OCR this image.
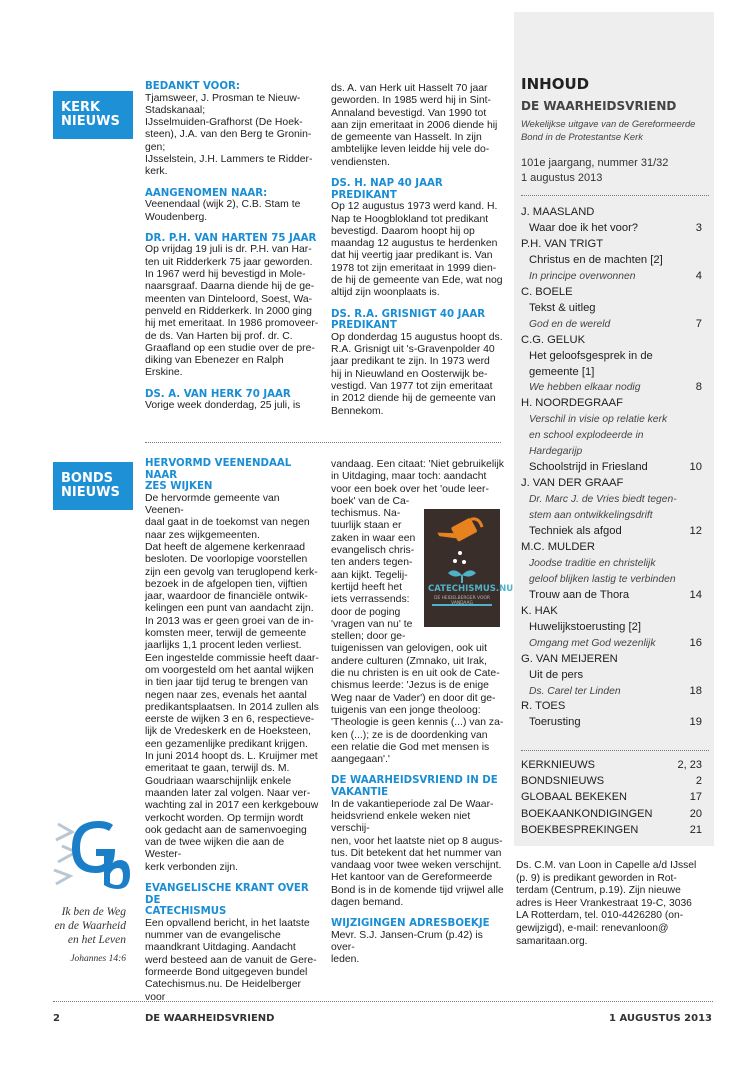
KERK
NIEUWS
BONDS
NIEUWS

BEDANKT VOOR:

Tjamsweer, J. Prosman te Nieuw-
Stadskanaal;
IJsselmuiden-Grafhorst (De Hoek-
steen), J.A. van den Berg te Gronin-
gen;
IJsselstein, J.H. Lammers te Ridder-
kerk.

AANGENOMEN NAAR:

Veenendaal (wijk 2), C.B. Stam te
Woudenberg.

DR. P.H. VAN HARTEN 75 JAAR

Op vrijdag 19 juli is dr. P.H. van Har-
ten uit Ridderkerk 75 jaar geworden.
In 1967 werd hij bevestigd in Mole-
naarsgraaf. Daarna diende hij de ge-
meenten van Dinteloord, Soest, Wa-
penveld en Ridderkerk. In 2000 ging
hij met emeritaat. In 1986 promoveer-
de ds. Van Harten bij prof. dr. C.
Graafland op een studie over de pre-
diking van Ebenezer en Ralph Erskine.

DS. A. VAN HERK 70 JAAR

Vorige week donderdag, 25 juli, is
ds. A. van Herk uit Hasselt 70 jaar
geworden. In 1985 werd hij in Sint-
Annaland bevestigd. Van 1990 tot
aan zijn emeritaat in 2006 diende hij
de gemeente van Hasselt. In zijn
ambtelijke leven leidde hij vele do-
vendiensten.

DS. H. NAP 40 JAAR PREDIKANT

Op 12 augustus 1973 werd kand. H.
Nap te Hoogblokland tot predikant
bevestigd. Daarom hoopt hij op
maandag 12 augustus te herdenken
dat hij veertig jaar predikant is. Van
1978 tot zijn emeritaat in 1999 dien-
de hij de gemeente van Ede, wat nog
altijd zijn woonplaats is.
DS. R.A. GRISNIGT 40 JAAR
PREDIKANT
Op donderdag 15 augustus hoopt ds.
R.A. Grisnigt uit 's-Gravenpolder 40
jaar predikant te zijn. In 1973 werd
hij in Nieuwland en Oosterwijk be-
vestigd. Van 1977 tot zijn emeritaat
in 2012 diende hij de gemeente van
Bennekom.
HERVORMD VEENENDAAL NAAR
ZES WIJKEN
De hervormde gemeente van Veenen-
daal gaat in de toekomst van negen
naar zes wijkgemeenten.
Dat heeft de algemene kerkenraad
besloten. De voorlopige voorstellen
zijn een gevolg van teruglopend kerk-
bezoek in de afgelopen tien, vijftien
jaar, waardoor de financiële ontwik-
kelingen een punt van aandacht zijn.
In 2013 was er geen groei van de in-
komsten meer, terwijl de gemeente
jaarlijks 1,1 procent leden verliest.
Een ingestelde commissie heeft daar-
om voorgesteld om het aantal wijken
in tien jaar tijd terug te brengen van
negen naar zes, evenals het aantal
predikantsplaatsen. In 2014 zullen als
eerste de wijken 3 en 6, respectieve-
lijk de Vredeskerk en de Hoeksteen,
een gezamenlijke predikant krijgen.
In juni 2014 hoopt ds. L. Kruijmer met
emeritaat te gaan, terwijl ds. M.
Goudriaan waarschijnlijk enkele
maanden later zal volgen. Naar ver-
wachting zal in 2017 een kerkgebouw
verkocht worden. Op termijn wordt
ook gedacht aan de samenvoeging
van de twee wijken die aan de Wester-
kerk verbonden zijn.
EVANGELISCHE KRANT OVER DE
CATECHISMUS
Een opvallend bericht, in het laatste
nummer van de evangelische
maandkrant Uitdaging. Aandacht
werd besteed aan de vanuit de Gere-
formeerde Bond uitgegeven bundel
Catechismus.nu. De Heidelberger voor
vandaag. Een citaat: 'Niet gebruikelijk
in Uitdaging, maar toch: aandacht
voor een boek over het 'oude leer-
boek' van de Ca-
techismus. Na-
tuurlijk staan er
zaken in waar een
evangelisch chris-
ten anders tegen-
aan kijkt. Tegelij-
kertijd heeft het
iets verrassends:
door de poging
'vragen van nu' te
stellen; door ge-
tuigenissen van gelovigen, ook uit
andere culturen (Zmnako, uit Irak,
die nu christen is en uit ook de Cate-
chismus leerde: 'Jezus is de enige
Weg naar de Vader') en door dit ge-
tuigenis van een jonge theoloog:
'Theologie is geen kennis (...) van za-
ken (...); ze is de doordenking van
een relatie die God met mensen is
aangegaan'.'
DE WAARHEIDSVRIEND IN DE
VAKANTIE
In de vakantieperiode zal De Waar-
heidsvriend enkele weken niet verschij-
nen, voor het laatste niet op 8 augus-
tus. Dit betekent dat het nummer van
vandaag voor twee weken verschijnt.
Het kantoor van de Gereformeerde
Bond is in de komende tijd vrijwel alle
dagen bemand.

WIJZIGINGEN ADRESBOEKJE

Mevr. S.J. Jansen-Crum (p.42) is over-
leden.
CATECHISMUS.NU
DE HEIDELBERGER VOOR VANDAAG
Ik ben de Weg
en de Waarheid
en het Leven
Johannes 14:6
INHOUD
DE WAARHEIDSVRIEND
Wekelijkse uitgave van de Gereformeerde
Bond in de Protestantse Kerk
101e jaargang, nummer 31/32
1 augustus 2013
J. MAASLAND
Waar doe ik het voor?	3
P.H. VAN TRIGT
Christus en de machten [2]
In principe overwonnen	4
C. BOELE
Tekst & uitleg
God en de wereld	7
C.G. GELUK
Het geloofsgesprek in de
gemeente [1]
We hebben elkaar nodig	8
H. NOORDEGRAAF
Verschil in visie op relatie kerk
en school explodeerde in
Hardegarijp
Schoolstrijd in Friesland	10
J. VAN DER GRAAF
Dr. Marc J. de Vries biedt tegen-
stem aan ontwikkelingsdrift
Techniek als afgod	12
M.C. MULDER
Joodse traditie en christelijk
geloof blijken lastig te verbinden
Trouw aan de Thora	14
K. HAK
Huwelijkstoerusting [2]
Omgang met God wezenlijk	16
G. VAN MEIJEREN
Uit de pers
Ds. Carel ter Linden	18
R. TOES
Toerusting	19
KERKNIEUWS	2, 23
BONDSNIEUWS	2
GLOBAAL BEKEKEN	17
BOEKAANKONDIGINGEN	20
BOEKBESPREKINGEN	21
Ds. C.M. van Loon in Capelle a/d IJssel
(p. 9) is predikant geworden in Rot-
terdam (Centrum, p.19). Zijn nieuwe
adres is Heer Vrankestraat 19-C, 3036
LA Rotterdam, tel. 010-4426280 (on-
gewijzigd), e-mail: renevanloon@
samaritaan.org.
2	DE WAARHEIDSVRIEND	1 AUGUSTUS 2013
